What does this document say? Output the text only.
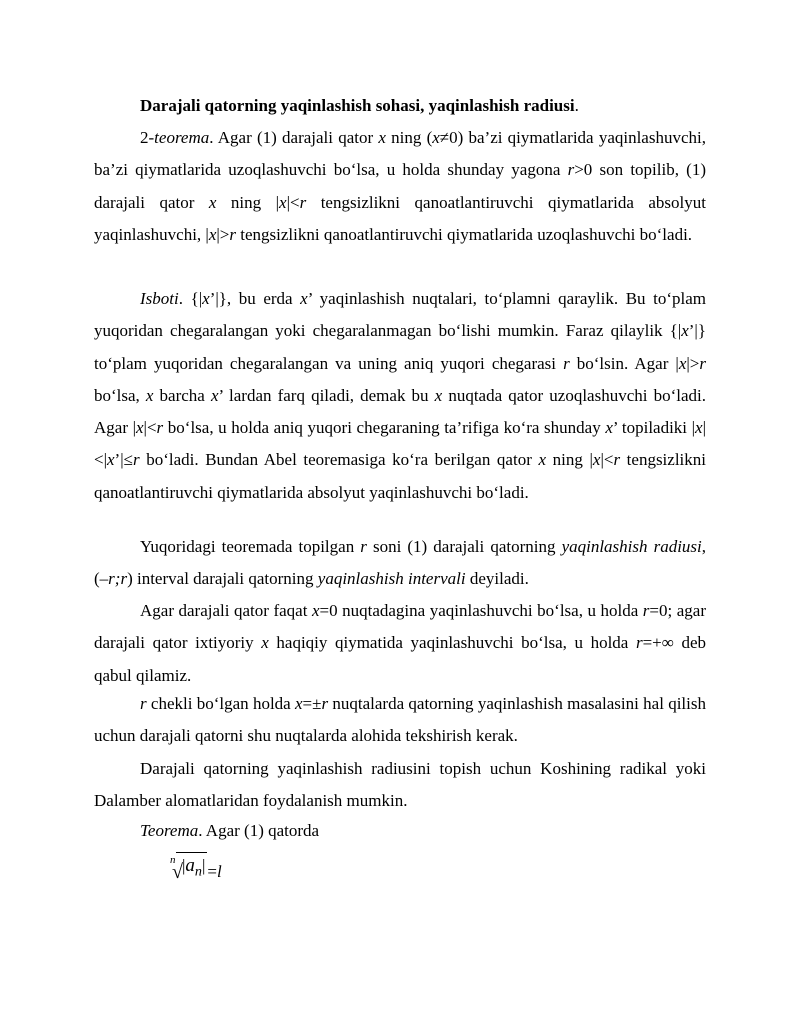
Darajali qatorning yaqinlashish sohasi, yaqinlashish radiusi.

2-teorema. Agar (1) darajali qator x ning (x≠0) ba’zi qiymatlarida yaqinlashuvchi, ba’zi qiymatlarida uzoqlashuvchi bo‘lsa, u holda shunday yagona r>0 son topilib, (1) darajali qator x ning |x|<r tengsizlikni qanoatlantiruvchi qiymatlarida absolyut yaqinlashuvchi, |x|>r tengsizlikni qanoatlantiruvchi qiymatlarida uzoqlashuvchi bo‘ladi.

Isboti. {|x’|}, bu erda x’ yaqinlashish nuqtalari, to‘plamni qaraylik. Bu to‘plam yuqoridan chegaralangan yoki chegaralanmagan bo‘lishi mumkin. Faraz qilaylik {|x’|} to‘plam yuqoridan chegaralangan va uning aniq yuqori chegarasi r bo‘lsin. Agar |x|>r bo‘lsa, x barcha x’ lardan farq qiladi, demak bu x nuqtada qator uzoqlashuvchi bo‘ladi. Agar |x|<r bo‘lsa, u holda aniq yuqori chegaraning ta’rifiga ko‘ra shunday x’ topiladiki |x|<|x’|≤r bo‘ladi. Bundan Abel teoremasiga ko‘ra berilgan qator x ning |x|<r tengsizlikni qanoatlantiruvchi qiymatlarida absolyut yaqinlashuvchi bo‘ladi.

Yuqoridagi teoremada topilgan r soni (1) darajali qatorning yaqinlashish radiusi, (–r;r) interval darajali qatorning yaqinlashish intervali deyiladi.

Agar darajali qator faqat x=0 nuqtadagina yaqinlashuvchi bo‘lsa, u holda r=0; agar darajali qator ixtiyoriy x haqiqiy qiymatida yaqinlashuvchi bo‘lsa, u holda r=+∞ deb qabul qilamiz.

r chekli bo‘lgan holda x=±r nuqtalarda qatorning yaqinlashish masalasini hal qilish uchun darajali qatorni shu nuqtalarda alohida tekshirish kerak.

Darajali qatorning yaqinlashish radiusini topish uchun Koshining radikal yoki Dalamber alomatlaridan foydalanish mumkin.

Teorema. Agar (1) qatorda

n
√ $|a_n| =l$
